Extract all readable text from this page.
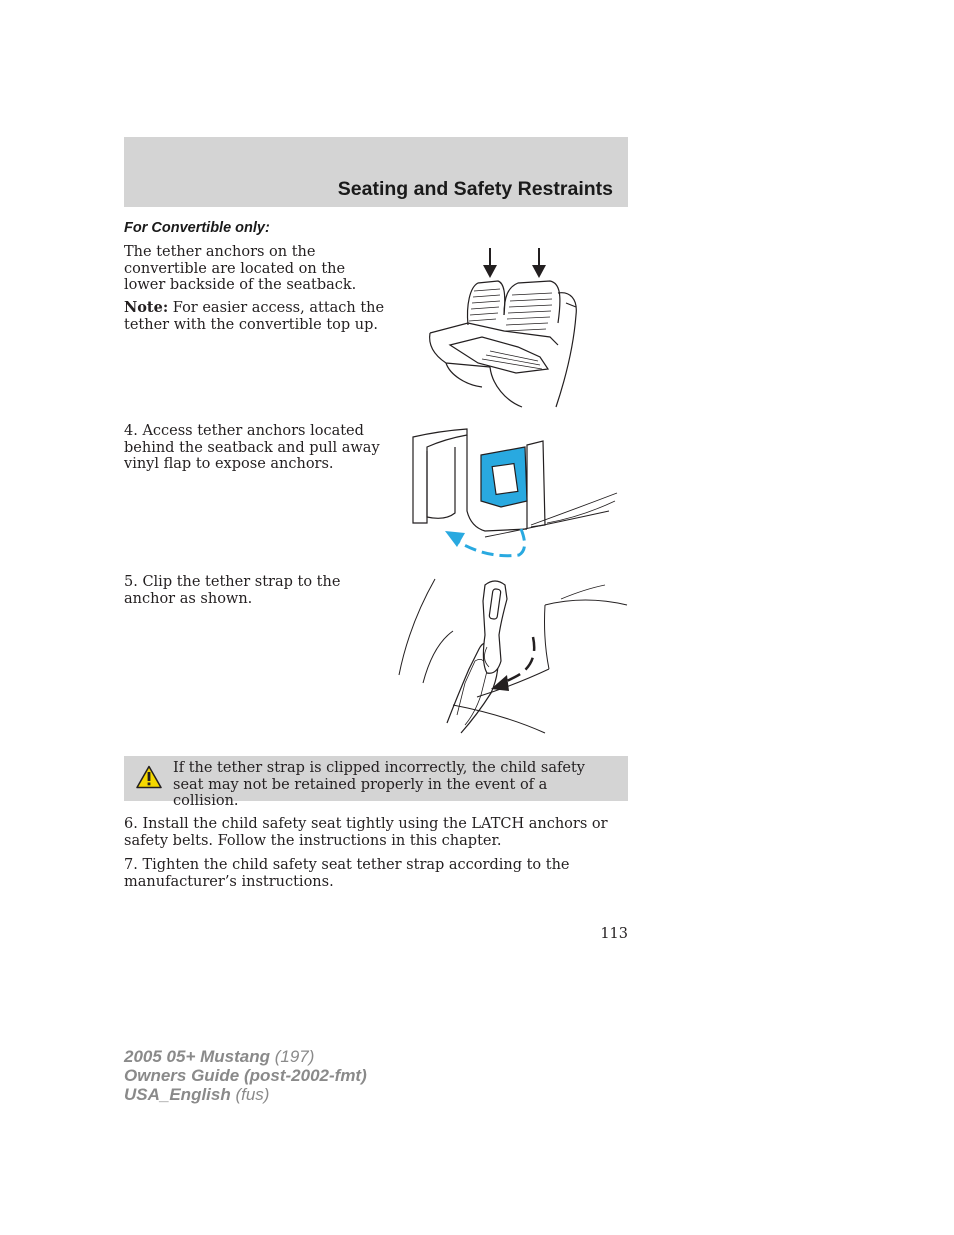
Seating and Safety Restraints
For Convertible only:

The tether anchors on the convertible are located on the lower backside of the seatback.

Note: For easier access, attach the tether with the convertible top up.

4. Access tether anchors located behind the seatback and pull away vinyl flap to expose anchors.

5. Clip the tether strap to the anchor as shown.

If the tether strap is clipped incorrectly, the child safety seat may not be retained properly in the event of a collision.

6. Install the child safety seat tightly using the LATCH anchors or safety belts. Follow the instructions in this chapter.

7. Tighten the child safety seat tether strap according to the manufacturer’s instructions.

113

2005 05+ Mustang (197)
Owners Guide (post-2002-fmt)
USA_English (fus)
